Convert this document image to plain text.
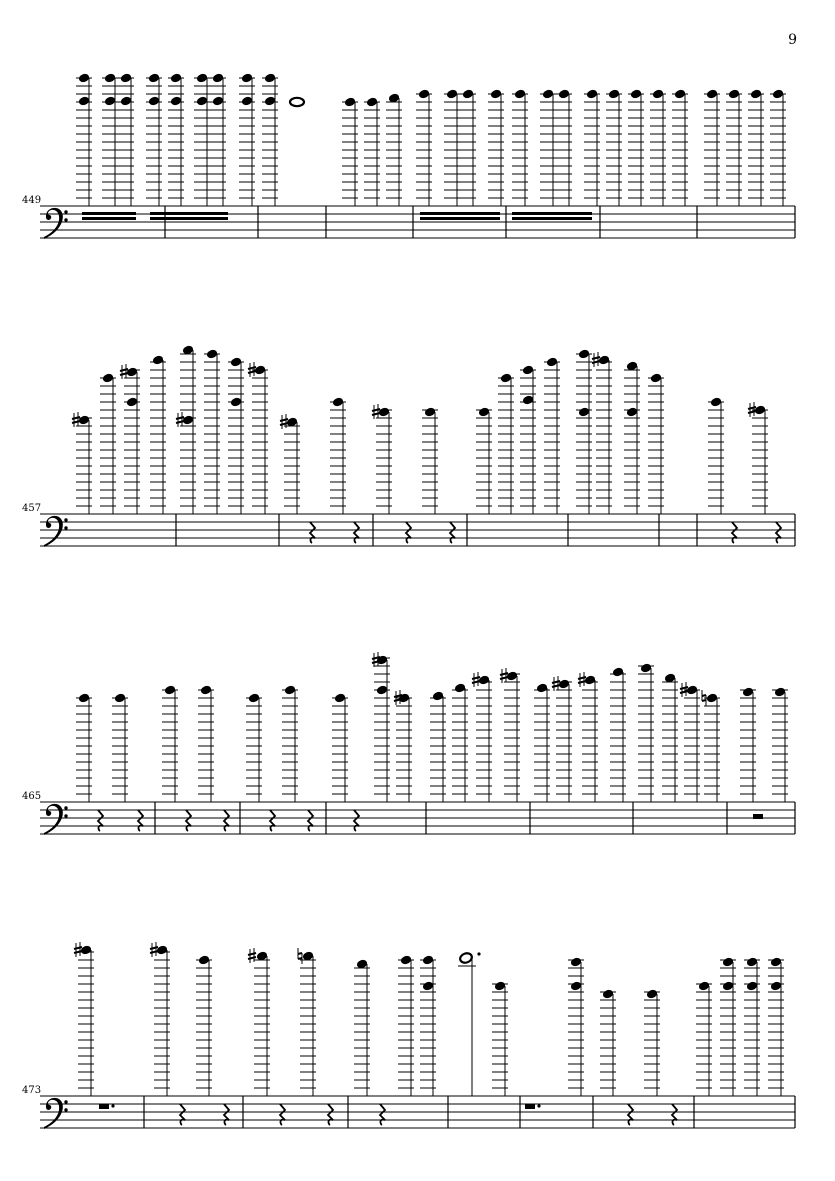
9
449
457
465
473
